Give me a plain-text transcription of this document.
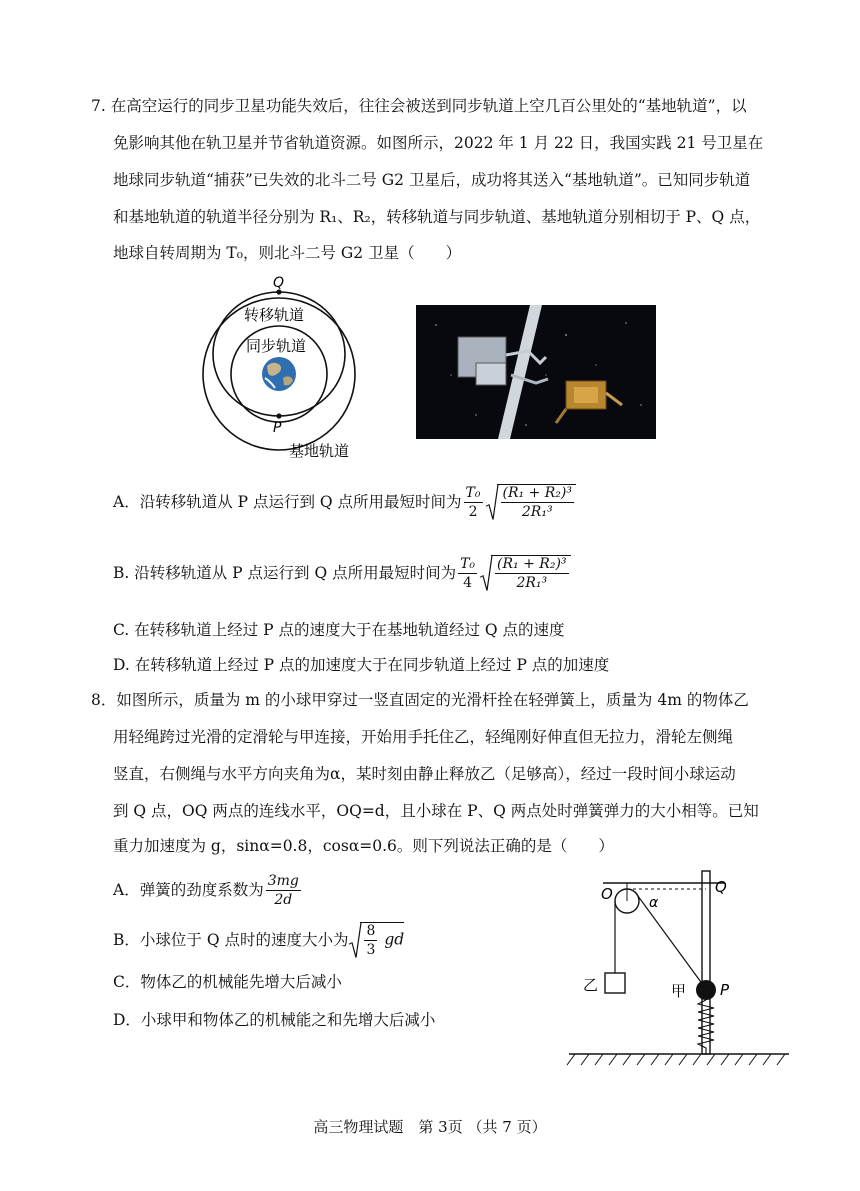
7. 在高空运行的同步卫星功能失效后，往往会被送到同步轨道上空几百公里处的“基地轨道”，以
免影响其他在轨卫星并节省轨道资源。如图所示，2022 年 1 月 22 日，我国实践 21 号卫星在
地球同步轨道“捕获”已失效的北斗二号 G2 卫星后，成功将其送入“基地轨道”。已知同步轨道
和基地轨道的轨道半径分别为 R₁、R₂，转移轨道与同步轨道、基地轨道分别相切于 P、Q 点，
地球自转周期为 T₀，则北斗二号 G2 卫星（　　）
Q
P
转移轨道
同步轨道
基地轨道
A．沿转移轨道从 P 点运行到 Q 点所用最短时间为 $\frac{\text{T₀}}{2} \frac{\text{(R₁ + R₂)³}}{\text{2R₁³}}$
B. 沿转移轨道从 P 点运行到 Q 点所用最短时间为 $\frac{\text{T₀}}{4} \frac{\text{(R₁ + R₂)³}}{\text{2R₁³}}$
C. 在转移轨道上经过 P 点的速度大于在基地轨道经过 Q 点的速度
D. 在转移轨道上经过 P 点的加速度大于在同步轨道上经过 P 点的加速度
8．如图所示，质量为 m 的小球甲穿过一竖直固定的光滑杆拴在轻弹簧上，质量为 4m 的物体乙
用轻绳跨过光滑的定滑轮与甲连接，开始用手托住乙，轻绳刚好伸直但无拉力，滑轮左侧绳
竖直，右侧绳与水平方向夹角为α，某时刻由静止释放乙（足够高），经过一段时间小球运动
到 Q 点，OQ 两点的连线水平，OQ=d，且小球在 P、Q 两点处时弹簧弹力的大小相等。已知
重力加速度为 g，sinα=0.8，cosα=0.6。则下列说法正确的是（　　）
A．弹簧的劲度系数为 $\frac{3mg}{2d}$
B．小球位于 Q 点时的速度大小为 $\frac{8}{3}$ gd
C．物体乙的机械能先增大后减小
D．小球甲和物体乙的机械能之和先增大后减小
O	Q
α
乙	甲 P
高三物理试题　第 3页 （共 7 页）
